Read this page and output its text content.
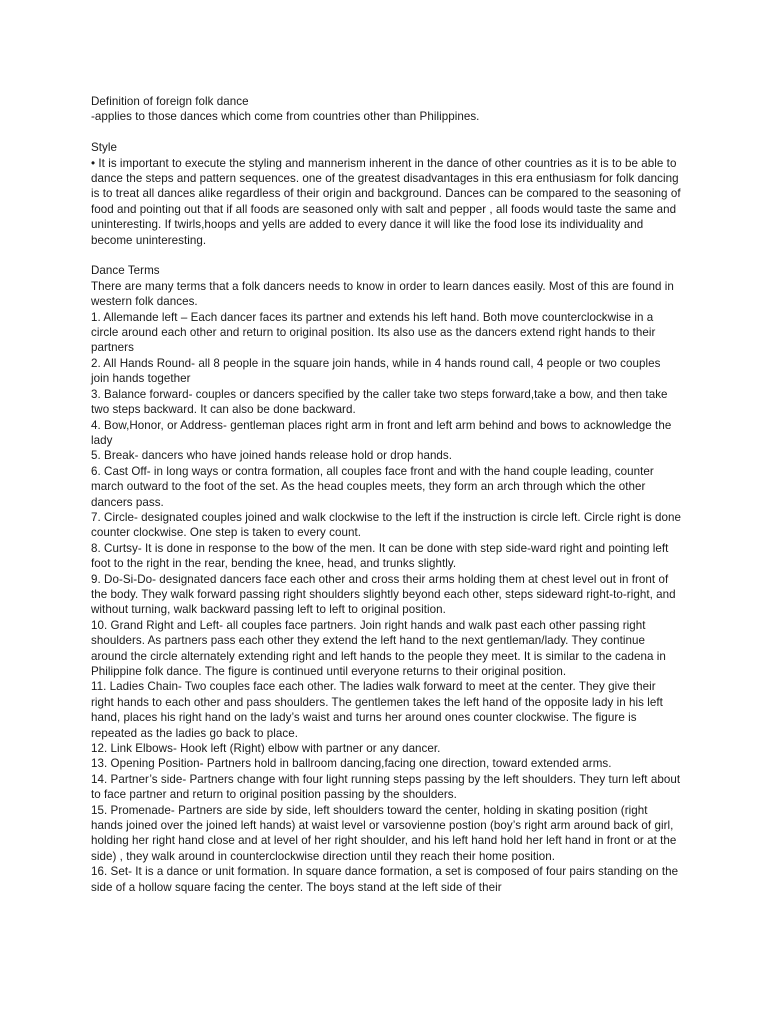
Definition of foreign folk dance

-applies to those dances which come from countries other than Philippines.

Style

• It is important to execute the styling and mannerism inherent in the dance of other countries as it is to be able to dance the steps and pattern sequences. one of the greatest disadvantages in this era enthusiasm for folk dancing is to treat all dances alike regardless of their origin and background. Dances can be compared to the seasoning of food and pointing out that if all foods are seasoned only with salt and pepper , all foods would taste the same and uninteresting. If twirls,hoops and yells are added to every dance it will like the food lose its individuality and become uninteresting.

Dance Terms

There are many terms that a folk dancers needs to know in order to learn dances easily. Most of this are found in western folk dances.

1. Allemande left – Each dancer faces its partner and extends his left hand. Both move counterclockwise in a circle around each other and return to original position. Its also use as the dancers extend right hands to their partners

2. All Hands Round- all 8 people in the square join hands, while in 4 hands round call, 4 people or two couples join hands together

3. Balance forward- couples or dancers specified by the caller take two steps forward,take a bow, and then take two steps backward. It can also be done backward.

4. Bow,Honor, or Address- gentleman places right arm in front and left arm behind and bows to acknowledge the lady

5. Break- dancers who have joined hands release hold or drop hands.

6. Cast Off- in long ways or contra formation, all couples face front and with the hand couple leading, counter march outward to the foot of the set. As the head couples meets, they form an arch through which the other dancers pass.

7. Circle- designated couples joined and walk clockwise to the left if the instruction is circle left. Circle right is done counter clockwise. One step is taken to every count.

8. Curtsy- It is done in response to the bow of the men. It can be done with step side-ward right and pointing left foot to the right in the rear, bending the knee, head, and trunks slightly.

9. Do-Si-Do- designated dancers face each other and cross their arms holding them at chest level out in front of the body. They walk forward passing right shoulders slightly beyond each other, steps sideward right-to-right, and without turning, walk backward passing left to left to original position.

10. Grand Right and Left- all couples face partners. Join right hands and walk past each other passing right shoulders. As partners pass each other they extend the left hand to the next gentleman/lady. They continue around the circle alternately extending right and left hands to the people they meet. It is similar to the cadena in Philippine folk dance. The figure is continued until everyone returns to their original position.

11. Ladies Chain- Two couples face each other. The ladies walk forward to meet at the center. They give their right hands to each other and pass shoulders. The gentlemen takes the left hand of the opposite lady in his left hand, places his right hand on the lady’s waist and turns her around ones counter clockwise. The figure is repeated as the ladies go back to place.

12. Link Elbows- Hook left (Right) elbow with partner or any dancer.

13. Opening Position- Partners hold in ballroom dancing,facing one direction, toward extended arms.

14. Partner’s side- Partners change with four light running steps passing by the left shoulders. They turn left about to face partner and return to original position passing by the shoulders.

15. Promenade- Partners are side by side, left shoulders toward the center, holding in skating position (right hands joined over the joined left hands) at waist level or varsovienne postion (boy’s right arm around back of girl, holding her right hand close and at level of her right shoulder, and his left hand hold her left hand in front or at the side) , they walk around in counterclockwise direction until they reach their home position.

16. Set- It is a dance or unit formation. In square dance formation, a set is composed of four pairs standing on the side of a hollow square facing the center. The boys stand at the left side of their
